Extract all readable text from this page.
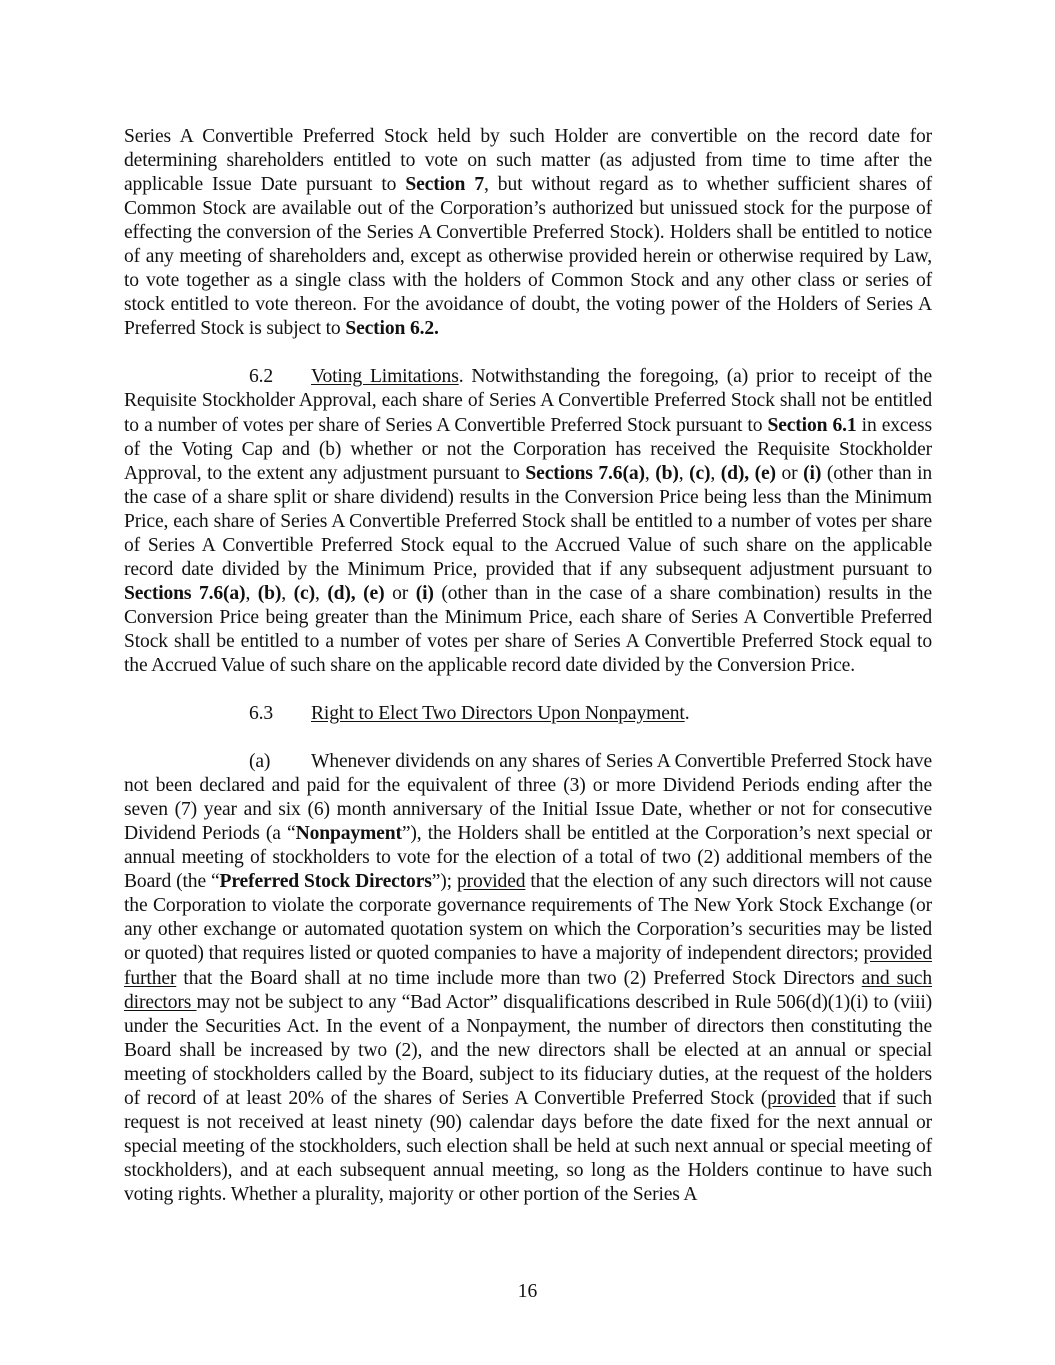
Series A Convertible Preferred Stock held by such Holder are convertible on the record date for determining shareholders entitled to vote on such matter (as adjusted from time to time after the applicable Issue Date pursuant to Section 7, but without regard as to whether sufficient shares of Common Stock are available out of the Corporation’s authorized but unissued stock for the purpose of effecting the conversion of the Series A Convertible Preferred Stock). Holders shall be entitled to notice of any meeting of shareholders and, except as otherwise provided herein or otherwise required by Law, to vote together as a single class with the holders of Common Stock and any other class or series of stock entitled to vote thereon. For the avoidance of doubt, the voting power of the Holders of Series A Preferred Stock is subject to Section 6.2.

6.2 Voting Limitations. Notwithstanding the foregoing, (a) prior to receipt of the Requisite Stockholder Approval, each share of Series A Convertible Preferred Stock shall not be entitled to a number of votes per share of Series A Convertible Preferred Stock pursuant to Section 6.1 in excess of the Voting Cap and (b) whether or not the Corporation has received the Requisite Stockholder Approval, to the extent any adjustment pursuant to Sections 7.6(a), (b), (c), (d), (e) or (i) (other than in the case of a share split or share dividend) results in the Conversion Price being less than the Minimum Price, each share of Series A Convertible Preferred Stock shall be entitled to a number of votes per share of Series A Convertible Preferred Stock equal to the Accrued Value of such share on the applicable record date divided by the Minimum Price, provided that if any subsequent adjustment pursuant to Sections 7.6(a), (b), (c), (d), (e) or (i) (other than in the case of a share combination) results in the Conversion Price being greater than the Minimum Price, each share of Series A Convertible Preferred Stock shall be entitled to a number of votes per share of Series A Convertible Preferred Stock equal to the Accrued Value of such share on the applicable record date divided by the Conversion Price.

6.3 Right to Elect Two Directors Upon Nonpayment.

(a) Whenever dividends on any shares of Series A Convertible Preferred Stock have not been declared and paid for the equivalent of three (3) or more Dividend Periods ending after the seven (7) year and six (6) month anniversary of the Initial Issue Date, whether or not for consecutive Dividend Periods (a “Nonpayment”), the Holders shall be entitled at the Corporation’s next special or annual meeting of stockholders to vote for the election of a total of two (2) additional members of the Board (the “Preferred Stock Directors”); provided that the election of any such directors will not cause the Corporation to violate the corporate governance requirements of The New York Stock Exchange (or any other exchange or automated quotation system on which the Corporation’s securities may be listed or quoted) that requires listed or quoted companies to have a majority of independent directors; provided further that the Board shall at no time include more than two (2) Preferred Stock Directors and such directors may not be subject to any “Bad Actor” disqualifications described in Rule 506(d)(1)(i) to (viii) under the Securities Act. In the event of a Nonpayment, the number of directors then constituting the Board shall be increased by two (2), and the new directors shall be elected at an annual or special meeting of stockholders called by the Board, subject to its fiduciary duties, at the request of the holders of record of at least 20% of the shares of Series A Convertible Preferred Stock (provided that if such request is not received at least ninety (90) calendar days before the date fixed for the next annual or special meeting of the stockholders, such election shall be held at such next annual or special meeting of stockholders), and at each subsequent annual meeting, so long as the Holders continue to have such voting rights. Whether a plurality, majority or other portion of the Series A

16
